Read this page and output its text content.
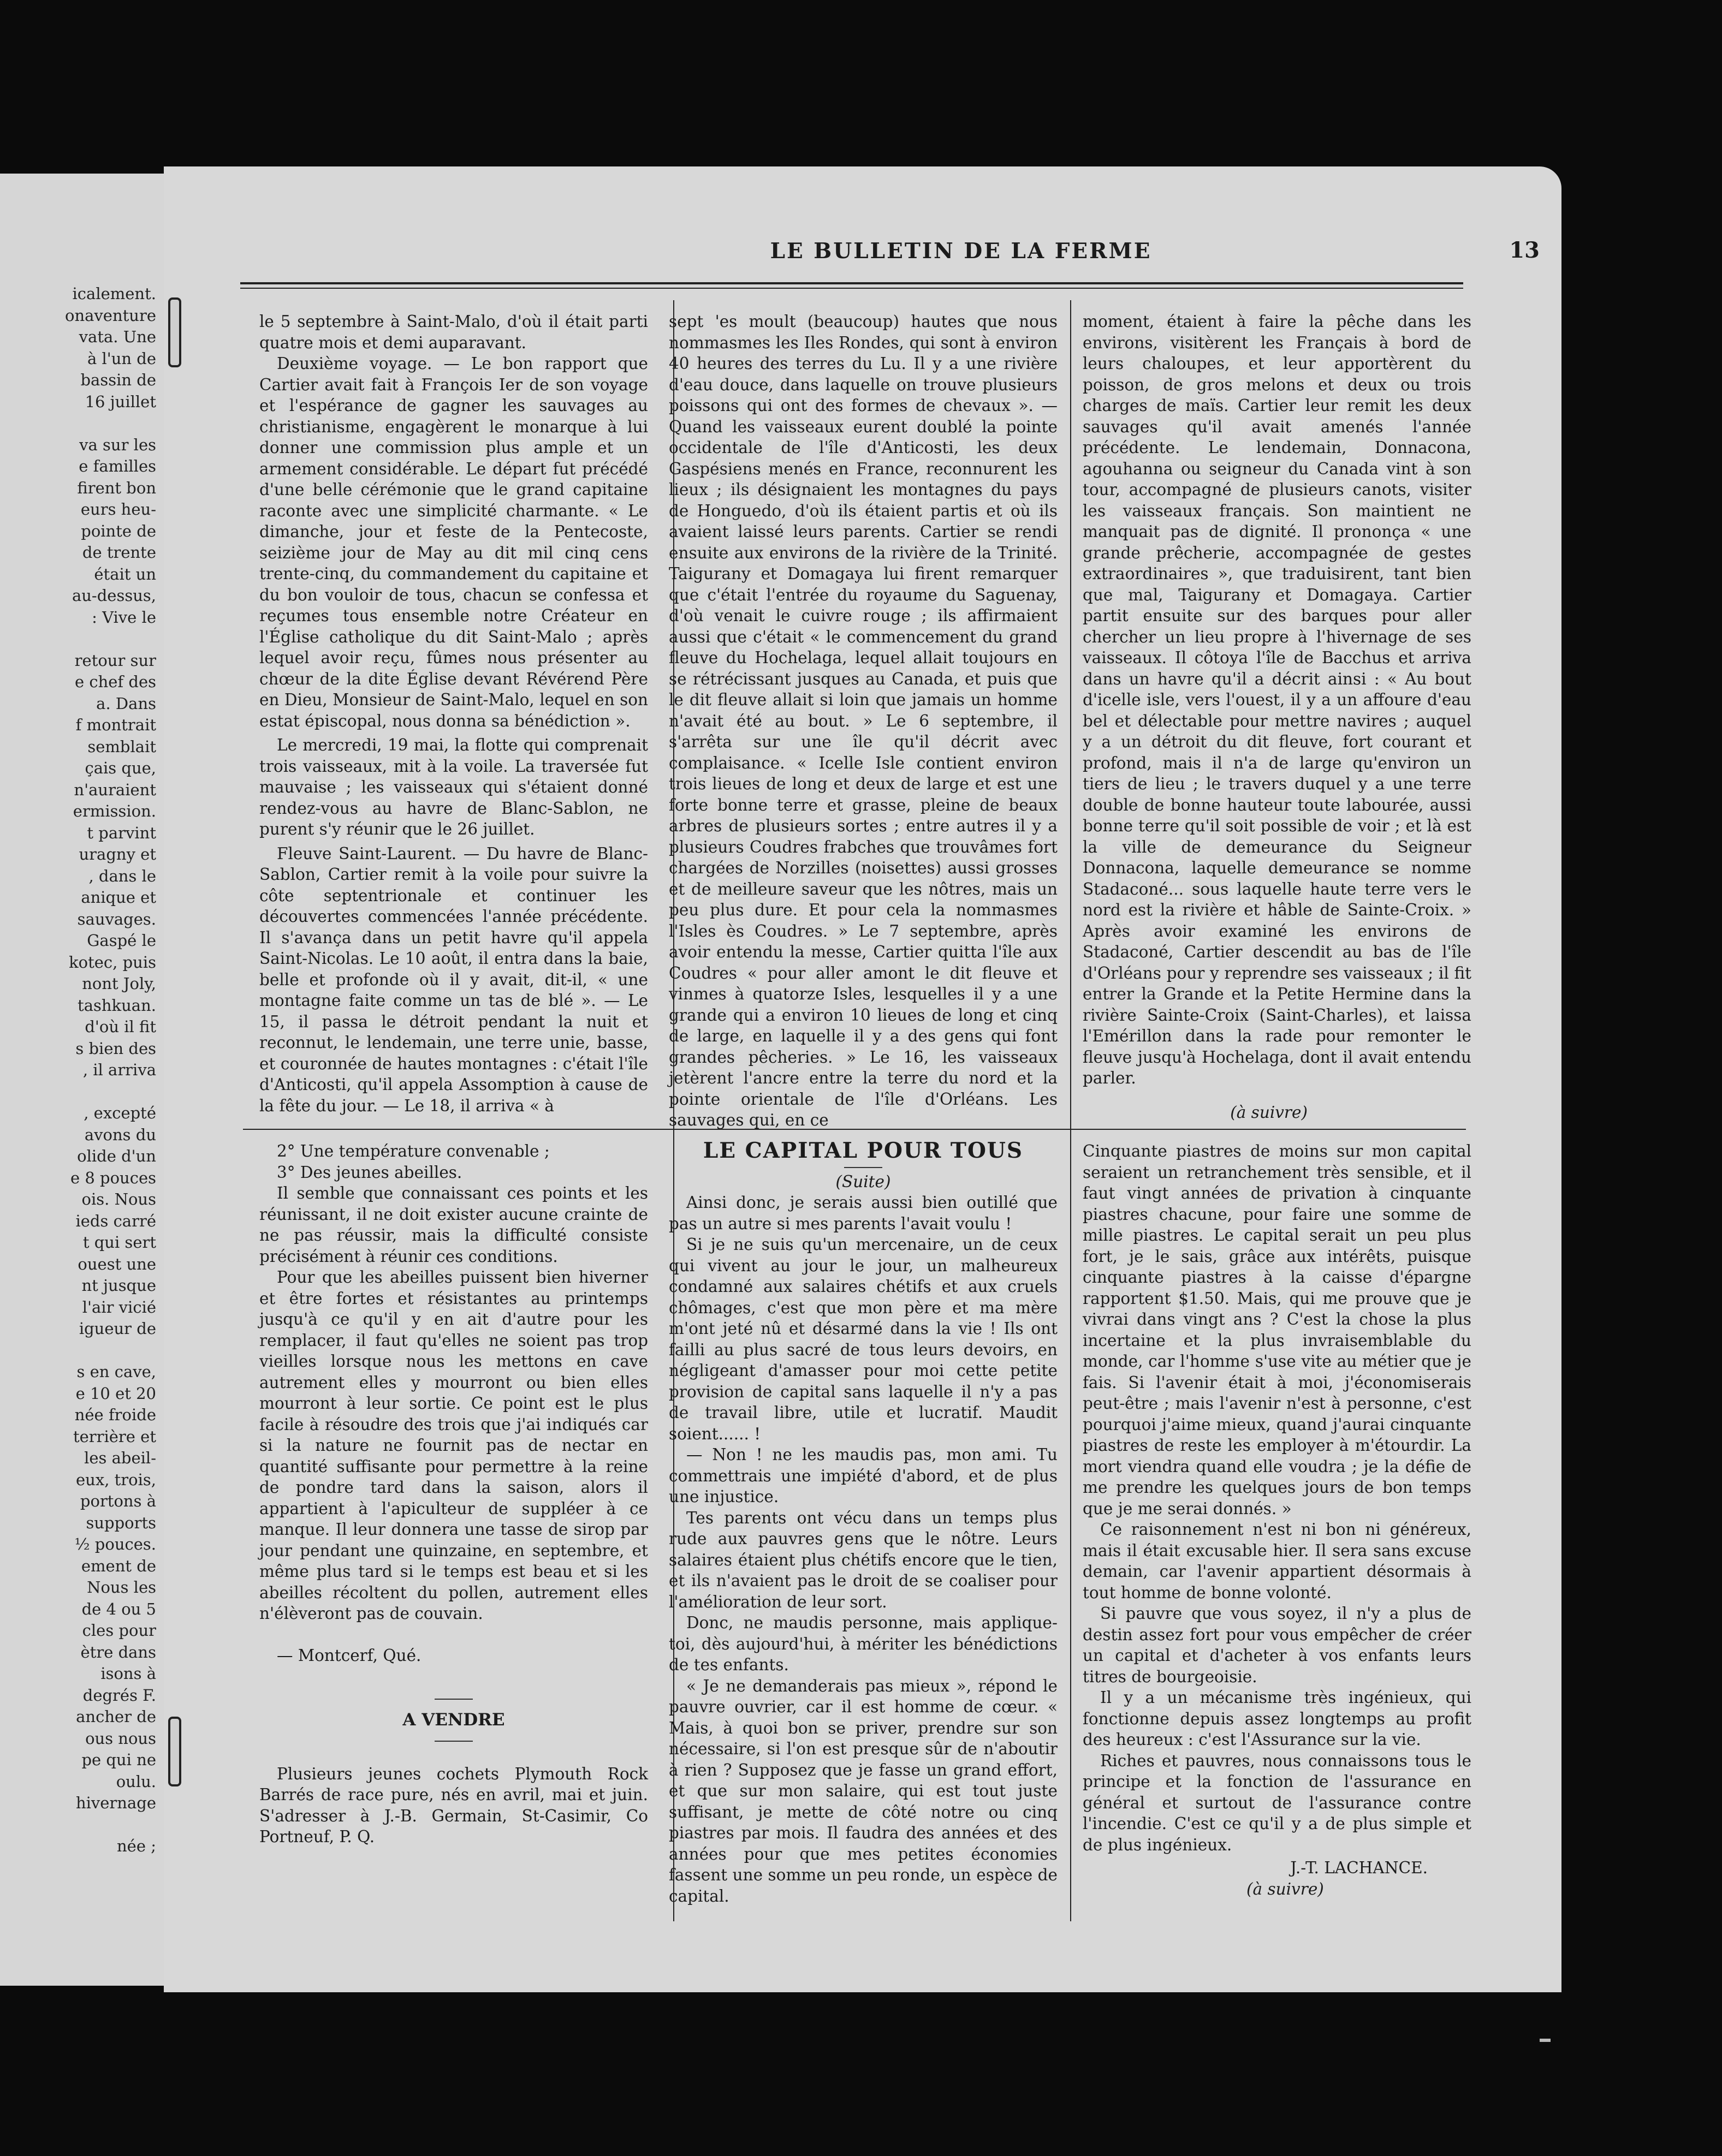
icalement.
onaventure
vata. Une
à l'un de
bassin de
16 juillet
va sur les
e familles
firent bon
eurs heu-
pointe de
de trente
était un
au-dessus,
: Vive le
retour sur
e chef des
a. Dans
f montrait
semblait
çais que,
n'auraient
ermission.
t parvint
uragny et
, dans le
anique et
sauvages.
Gaspé le
kotec, puis
nont Joly,
tashkuan.
d'où il fit
s bien des
, il arriva
, excepté
avons du
olide d'un
e 8 pouces
ois. Nous
ieds carré
t qui sert
ouest une
nt jusque
l'air vicié
igueur de
s en cave,
e 10 et 20
née froide
terrière et
les abeil-
eux, trois,
portons à
supports
½ pouces.
ement de
Nous les
de 4 ou 5
cles pour
ètre dans
isons à
degrés F.
ancher de
ous nous
pe qui ne
oulu.
hivernage
née ;
LE BULLETIN DE LA FERME	13

le 5 septembre à Saint-Malo, d'où il était parti quatre mois et demi auparavant.

Deuxième voyage. — Le bon rapport que Cartier avait fait à François Ier de son voyage et l'espérance de gagner les sauvages au christianisme, engagèrent le monarque à lui donner une commission plus ample et un armement considérable. Le départ fut précédé d'une belle cérémonie que le grand capitaine raconte avec une simplicité charmante. « Le dimanche, jour et feste de la Pentecoste, seizième jour de May au dit mil cinq cens trente-cinq, du commandement du capitaine et du bon vouloir de tous, chacun se confessa et reçumes tous ensemble notre Créateur en l'Église catholique du dit Saint-Malo ; après lequel avoir reçu, fûmes nous présenter au chœur de la dite Église devant Révérend Père en Dieu, Monsieur de Saint-Malo, lequel en son estat épiscopal, nous donna sa bénédiction ».

Le mercredi, 19 mai, la flotte qui comprenait trois vaisseaux, mit à la voile. La traversée fut mauvaise ; les vaisseaux qui s'étaient donné rendez-vous au havre de Blanc-Sablon, ne purent s'y réunir que le 26 juillet.

Fleuve Saint-Laurent. — Du havre de Blanc-Sablon, Cartier remit à la voile pour suivre la côte septentrionale et continuer les découvertes commencées l'année précédente. Il s'avança dans un petit havre qu'il appela Saint-Nicolas. Le 10 août, il entra dans la baie, belle et profonde où il y avait, dit-il, « une montagne faite comme un tas de blé ». — Le 15, il passa le détroit pendant la nuit et reconnut, le lendemain, une terre unie, basse, et couronnée de hautes montagnes : c'était l'île d'Anticosti, qu'il appela Assomption à cause de la fête du jour. — Le 18, il arriva « à

sept 'es moult (beaucoup) hautes que nous nommasmes les Iles Rondes, qui sont à environ 40 heures des terres du Lu. Il y a une rivière d'eau douce, dans laquelle on trouve plusieurs poissons qui ont des formes de chevaux ». — Quand les vaisseaux eurent doublé la pointe occidentale de l'île d'Anticosti, les deux Gaspésiens menés en France, reconnurent les lieux ; ils désignaient les montagnes du pays de Honguedo, d'où ils étaient partis et où ils avaient laissé leurs parents. Cartier se rendi ensuite aux environs de la rivière de la Trinité. Taigurany et Domagaya lui firent remarquer que c'était l'entrée du royaume du Saguenay, d'où venait le cuivre rouge ; ils affirmaient aussi que c'était « le commencement du grand fleuve du Hochelaga, lequel allait toujours en se rétrécissant jusques au Canada, et puis que le dit fleuve allait si loin que jamais un homme n'avait été au bout. » Le 6 septembre, il s'arrêta sur une île qu'il décrit avec complaisance. « Icelle Isle contient environ trois lieues de long et deux de large et est une forte bonne terre et grasse, pleine de beaux arbres de plusieurs sortes ; entre autres il y a plusieurs Coudres frabches que trouvâmes fort chargées de Norzilles (noisettes) aussi grosses et de meilleure saveur que les nôtres, mais un peu plus dure. Et pour cela la nommasmes l'Isles ès Coudres. » Le 7 septembre, après avoir entendu la messe, Cartier quitta l'île aux Coudres « pour aller amont le dit fleuve et vinmes à quatorze Isles, lesquelles il y a une grande qui a environ 10 lieues de long et cinq de large, en laquelle il y a des gens qui font grandes pêcheries. » Le 16, les vaisseaux jetèrent l'ancre entre la terre du nord et la pointe orientale de l'île d'Orléans. Les sauvages qui, en ce

moment, étaient à faire la pêche dans les environs, visitèrent les Français à bord de leurs chaloupes, et leur apportèrent du poisson, de gros melons et deux ou trois charges de maïs. Cartier leur remit les deux sauvages qu'il avait amenés l'année précédente. Le lendemain, Donnacona, agouhanna ou seigneur du Canada vint à son tour, accompagné de plusieurs canots, visiter les vaisseaux français. Son maintient ne manquait pas de dignité. Il prononça « une grande prêcherie, accompagnée de gestes extraordinaires », que traduisirent, tant bien que mal, Taigurany et Domagaya. Cartier partit ensuite sur des barques pour aller chercher un lieu propre à l'hivernage de ses vaisseaux. Il côtoya l'île de Bacchus et arriva dans un havre qu'il a décrit ainsi : « Au bout d'icelle isle, vers l'ouest, il y a un affoure d'eau bel et délectable pour mettre navires ; auquel y a un détroit du dit fleuve, fort courant et profond, mais il n'a de large qu'environ un tiers de lieu ; le travers duquel y a une terre double de bonne hauteur toute labourée, aussi bonne terre qu'il soit possible de voir ; et là est la ville de demeurance du Seigneur Donnacona, laquelle demeurance se nomme Stadaconé... sous laquelle haute terre vers le nord est la rivière et hâble de Sainte-Croix. » Après avoir examiné les environs de Stadaconé, Cartier descendit au bas de l'île d'Orléans pour y reprendre ses vaisseaux ; il fit entrer la Grande et la Petite Hermine dans la rivière Sainte-Croix (Saint-Charles), et laissa l'Emérillon dans la rade pour remonter le fleuve jusqu'à Hochelaga, dont il avait entendu parler.

(à suivre)

2° Une température convenable ;

3° Des jeunes abeilles.

Il semble que connaissant ces points et les réunissant, il ne doit exister aucune crainte de ne pas réussir, mais la difficulté consiste précisément à réunir ces conditions.

Pour que les abeilles puissent bien hiverner et être fortes et résistantes au printemps jusqu'à ce qu'il y en ait d'autre pour les remplacer, il faut qu'elles ne soient pas trop vieilles lorsque nous les mettons en cave autrement elles y mourront ou bien elles mourront à leur sortie. Ce point est le plus facile à résoudre des trois que j'ai indiqués car si la nature ne fournit pas de nectar en quantité suffisante pour permettre à la reine de pondre tard dans la saison, alors il appartient à l'apiculteur de suppléer à ce manque. Il leur donnera une tasse de sirop par jour pendant une quinzaine, en septembre, et même plus tard si le temps est beau et si les abeilles récoltent du pollen, autrement elles n'élèveront pas de couvain.

— Montcerf, Qué.

A VENDRE

Plusieurs jeunes cochets Plymouth Rock Barrés de race pure, nés en avril, mai et juin. S'adresser à J.-B. Germain, St-Casimir, Co Portneuf, P. Q.

LE CAPITAL POUR TOUS
(Suite)

Ainsi donc, je serais aussi bien outillé que pas un autre si mes parents l'avait voulu !

Si je ne suis qu'un mercenaire, un de ceux qui vivent au jour le jour, un malheureux condamné aux salaires chétifs et aux cruels chômages, c'est que mon père et ma mère m'ont jeté nû et désarmé dans la vie ! Ils ont failli au plus sacré de tous leurs devoirs, en négligeant d'amasser pour moi cette petite provision de capital sans laquelle il n'y a pas de travail libre, utile et lucratif. Maudit soient...... !

— Non ! ne les maudis pas, mon ami. Tu commettrais une impiété d'abord, et de plus une injustice.

Tes parents ont vécu dans un temps plus rude aux pauvres gens que le nôtre. Leurs salaires étaient plus chétifs encore que le tien, et ils n'avaient pas le droit de se coaliser pour l'amélioration de leur sort.

Donc, ne maudis personne, mais applique-toi, dès aujourd'hui, à mériter les bénédictions de tes enfants.

« Je ne demanderais pas mieux », répond le pauvre ouvrier, car il est homme de cœur. « Mais, à quoi bon se priver, prendre sur son nécessaire, si l'on est presque sûr de n'aboutir à rien ? Supposez que je fasse un grand effort, et que sur mon salaire, qui est tout juste suffisant, je mette de côté notre ou cinq piastres par mois. Il faudra des années et des années pour que mes petites économies fassent une somme un peu ronde, un espèce de capital.

Cinquante piastres de moins sur mon capital seraient un retranchement très sensible, et il faut vingt années de privation à cinquante piastres chacune, pour faire une somme de mille piastres. Le capital serait un peu plus fort, je le sais, grâce aux intérêts, puisque cinquante piastres à la caisse d'épargne rapportent $1.50. Mais, qui me prouve que je vivrai dans vingt ans ? C'est la chose la plus incertaine et la plus invraisemblable du monde, car l'homme s'use vite au métier que je fais. Si l'avenir était à moi, j'économiserais peut-être ; mais l'avenir n'est à personne, c'est pourquoi j'aime mieux, quand j'aurai cinquante piastres de reste les employer à m'étourdir. La mort viendra quand elle voudra ; je la défie de me prendre les quelques jours de bon temps que je me serai donnés. »

Ce raisonnement n'est ni bon ni généreux, mais il était excusable hier. Il sera sans excuse demain, car l'avenir appartient désormais à tout homme de bonne volonté.

Si pauvre que vous soyez, il n'y a plus de destin assez fort pour vous empêcher de créer un capital et d'acheter à vos enfants leurs titres de bourgeoisie.

Il y a un mécanisme très ingénieux, qui fonctionne depuis assez longtemps au profit des heureux : c'est l'Assurance sur la vie.

Riches et pauvres, nous connaissons tous le principe et la fonction de l'assurance en général et surtout de l'assurance contre l'incendie. C'est ce qu'il y a de plus simple et de plus ingénieux.

J.-T. LACHANCE.
(à suivre)
